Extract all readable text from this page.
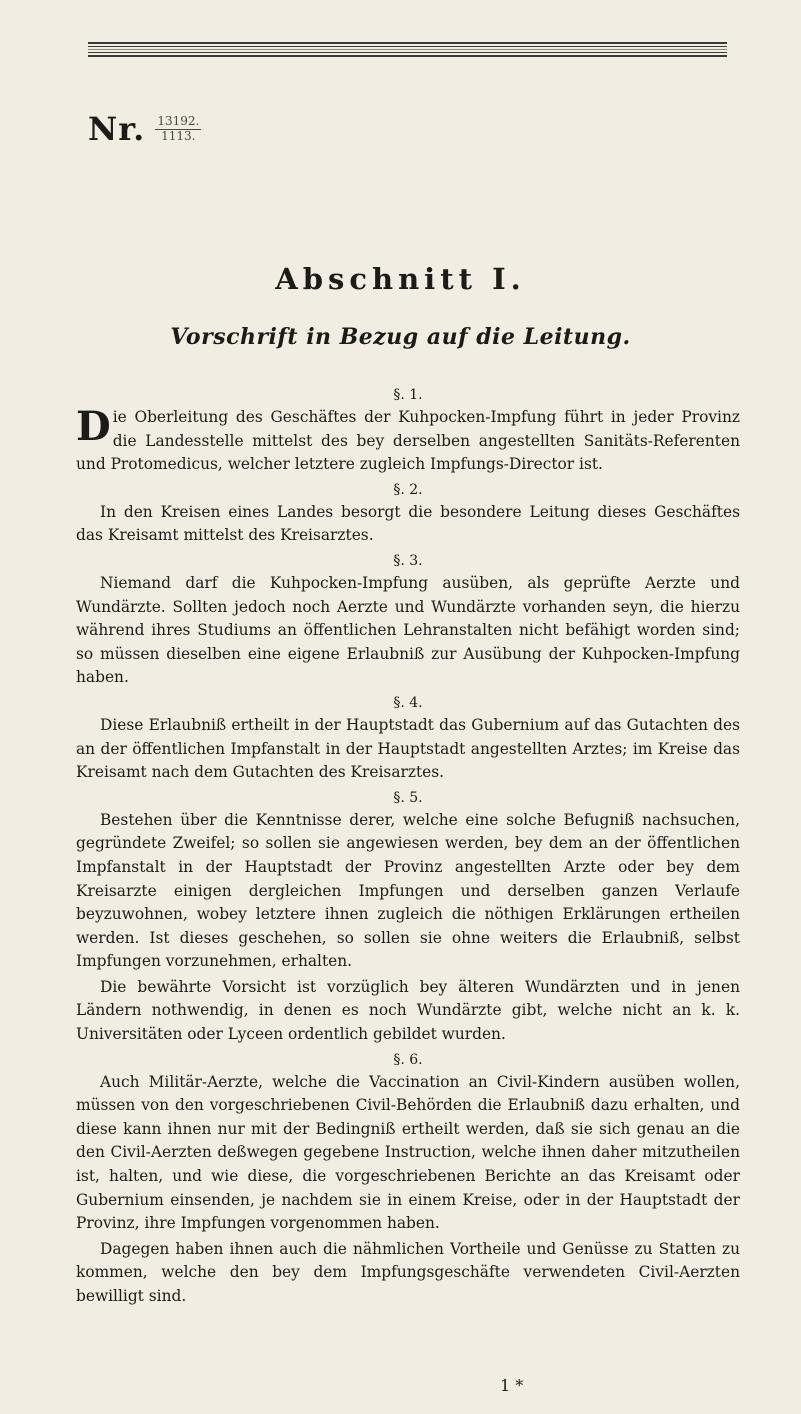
Nr. 13192.
1113.
Abschnitt I.
Vorschrift in Bezug auf die Leitung.

§. 1.

Die Oberleitung des Geschäftes der Kuhpocken-Impfung führt in jeder Provinz die Landesstelle mittelst des bey derselben angestellten Sanitäts-Referenten und Protomedicus, welcher letztere zugleich Impfungs-Director ist.

§. 2.

In den Kreisen eines Landes besorgt die besondere Leitung dieses Geschäftes das Kreisamt mittelst des Kreisarztes.

§. 3.

Niemand darf die Kuhpocken-Impfung ausüben, als geprüfte Aerzte und Wundärzte. Sollten jedoch noch Aerzte und Wundärzte vorhanden seyn, die hierzu während ihres Studiums an öffentlichen Lehranstalten nicht befähigt worden sind; so müssen dieselben eine eigene Erlaubniß zur Ausübung der Kuhpocken-Impfung haben.

§. 4.

Diese Erlaubniß ertheilt in der Hauptstadt das Gubernium auf das Gutachten des an der öffentlichen Impfanstalt in der Hauptstadt angestellten Arztes; im Kreise das Kreisamt nach dem Gutachten des Kreisarztes.

§. 5.

Bestehen über die Kenntnisse derer, welche eine solche Befugniß nachsuchen, gegründete Zweifel; so sollen sie angewiesen werden, bey dem an der öffentlichen Impfanstalt in der Hauptstadt der Provinz angestellten Arzte oder bey dem Kreisarzte einigen dergleichen Impfungen und derselben ganzen Verlaufe beyzuwohnen, wobey letztere ihnen zugleich die nöthigen Erklärungen ertheilen werden. Ist dieses geschehen, so sollen sie ohne weiters die Erlaubniß, selbst Impfungen vorzunehmen, erhalten.

Die bewährte Vorsicht ist vorzüglich bey älteren Wundärzten und in jenen Ländern nothwendig, in denen es noch Wundärzte gibt, welche nicht an k. k. Universitäten oder Lyceen ordentlich gebildet wurden.

§. 6.

Auch Militär-Aerzte, welche die Vaccination an Civil-Kindern ausüben wollen, müssen von den vorgeschriebenen Civil-Behörden die Erlaubniß dazu erhalten, und diese kann ihnen nur mit der Bedingniß ertheilt werden, daß sie sich genau an die den Civil-Aerzten deßwegen gegebene Instruction, welche ihnen daher mitzutheilen ist, halten, und wie diese, die vorgeschriebenen Berichte an das Kreisamt oder Gubernium einsenden, je nachdem sie in einem Kreise, oder in der Hauptstadt der Provinz, ihre Impfungen vorgenommen haben.

Dagegen haben ihnen auch die nähmlichen Vortheile und Genüsse zu Statten zu kommen, welche den bey dem Impfungsgeschäfte verwendeten Civil-Aerzten bewilligt sind.

1 *
